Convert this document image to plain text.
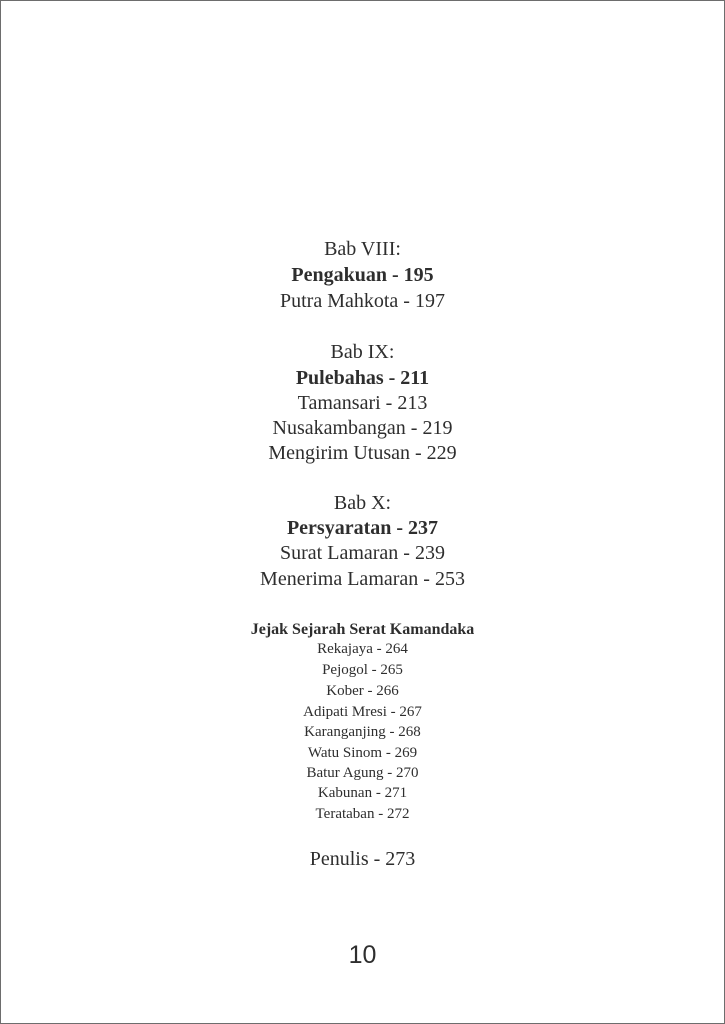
Bab VIII:
Pengakuan - 195
Putra Mahkota - 197
Bab IX:
Pulebahas - 211
Tamansari - 213
Nusakambangan - 219
Mengirim Utusan - 229
Bab X:
Persyaratan - 237
Surat Lamaran - 239
Menerima Lamaran - 253
Jejak Sejarah Serat Kamandaka
Rekajaya - 264
Pejogol - 265
Kober - 266
Adipati Mresi - 267
Karanganjing - 268
Watu Sinom - 269
Batur Agung - 270
Kabunan - 271
Terataban - 272
Penulis - 273
10
